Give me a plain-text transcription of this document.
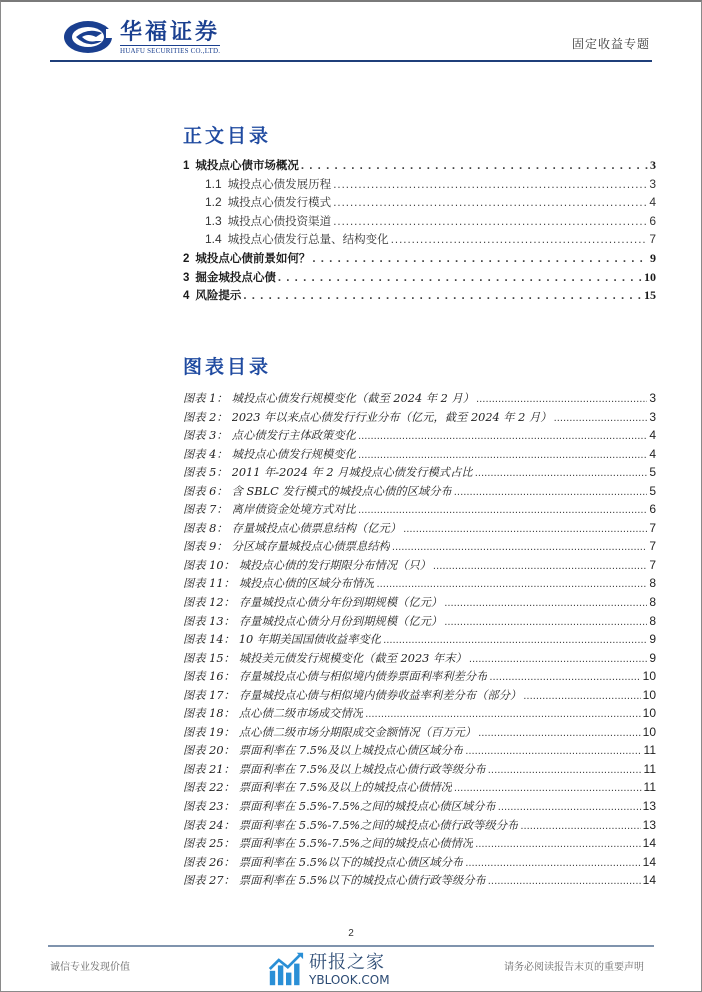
华福证券
HUAFU SECURITIES CO.,LTD.	固定收益专题
正文目录
1 城投点心债市场概况 . . .	3
1.1 城投点心债发展历程 .....	3
1.2 城投点心债发行模式 .....	4
1.3 城投点心债投资渠道 .....	6
1.4 城投点心债发行总量、结构变化 .....	7
2 城投点心债前景如何？ . . .	9
3 掘金城投点心债 . . .	10
4 风险提示 . . .	15
图表目录
图表 1： 城投点心债发行规模变化（截至 2024 年 2 月） .....	3
图表 2： 2023 年以来点心债发行行业分布（亿元，截至 2024 年 2 月） .....	3
图表 3： 点心债发行主体政策变化 .....	4
图表 4： 城投点心债发行规模变化 .....	4
图表 5： 2011 年-2024 年 2 月城投点心债发行模式占比 .....	5
图表 6： 含 SBLC 发行模式的城投点心债的区域分布 .....	5
图表 7： 离岸债资金处境方式对比 .....	6
图表 8： 存量城投点心债票息结构（亿元） .....	7
图表 9： 分区域存量城投点心债票息结构 .....	7
图表 10： 城投点心债的发行期限分布情况（只） .....	7
图表 11： 城投点心债的区域分布情况 .....	8
图表 12： 存量城投点心债分年份到期规模（亿元） .....	8
图表 13： 存量城投点心债分月份到期规模（亿元） .....	8
图表 14： 10 年期美国国债收益率变化 .....	9
图表 15： 城投美元债发行规模变化（截至 2023 年末） .....	9
图表 16： 存量城投点心债与相似境内债券票面利率利差分布 .....	10
图表 17： 存量城投点心债与相似境内债券收益率利差分布（部分） .....	10
图表 18： 点心债二级市场成交情况 .....	10
图表 19： 点心债二级市场分期限成交金额情况（百万元） .....	10
图表 20： 票面利率在 7.5%及以上城投点心债区域分布 .....	11
图表 21： 票面利率在 7.5%及以上城投点心债行政等级分布 .....	11
图表 22： 票面利率在 7.5%及以上的城投点心债情况 .....	11
图表 23： 票面利率在 5.5%-7.5%之间的城投点心债区域分布 .....	13
图表 24： 票面利率在 5.5%-7.5%之间的城投点心债行政等级分布 .....	13
图表 25： 票面利率在 5.5%-7.5%之间的城投点心债情况 .....	14
图表 26： 票面利率在 5.5%以下的城投点心债区域分布 .....	14
图表 27： 票面利率在 5.5%以下的城投点心债行政等级分布 .....	14
2
诚信专业发现价值	请务必阅读报告末页的重要声明
研报之家
YBLOOK.COM
